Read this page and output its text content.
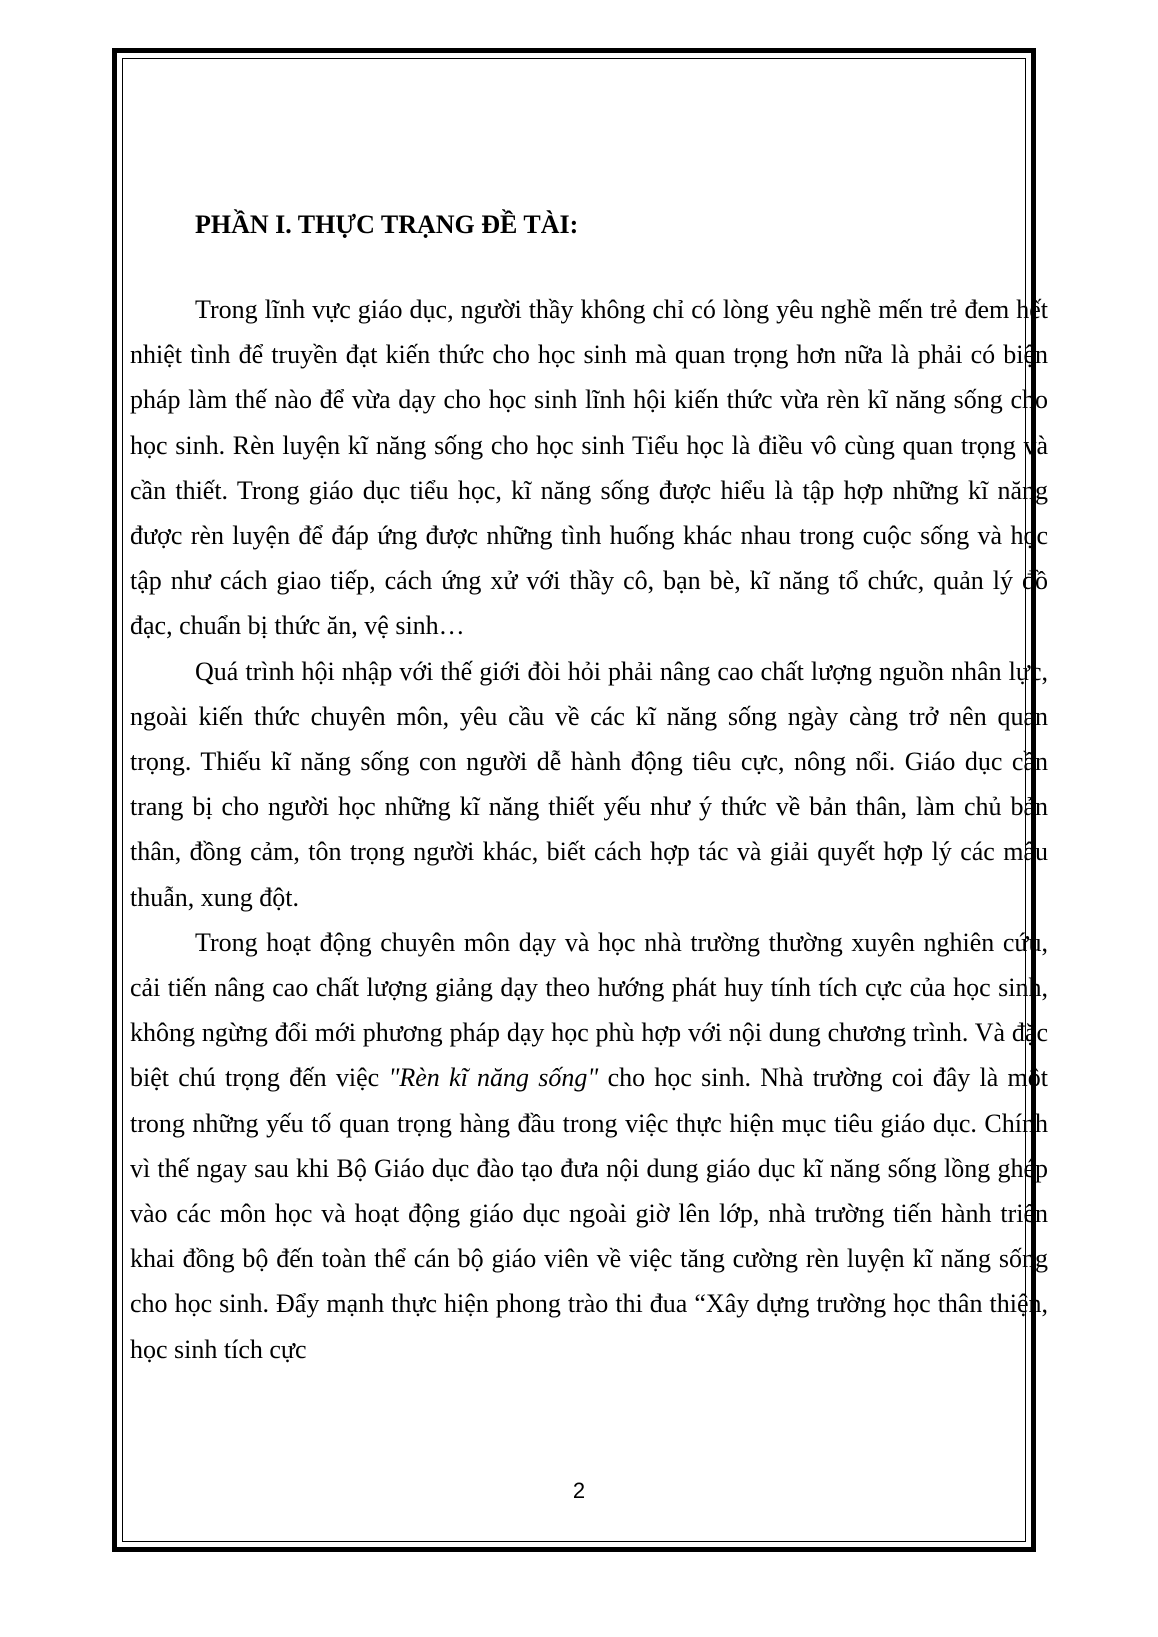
PHẦN I. THỰC TRẠNG ĐỀ TÀI:

Trong lĩnh vực giáo dục, người thầy không chỉ có lòng yêu nghề mến trẻ đem hết nhiệt tình để truyền đạt kiến thức cho học sinh mà quan trọng hơn nữa là phải có biện pháp làm thế nào để vừa dạy cho học sinh lĩnh hội kiến thức vừa rèn kĩ năng sống cho học sinh. Rèn luyện kĩ năng sống cho học sinh Tiểu học là điều vô cùng quan trọng và cần thiết. Trong giáo dục tiểu học, kĩ năng sống được hiểu là tập hợp những kĩ năng được rèn luyện để đáp ứng được những tình huống khác nhau trong cuộc sống và học tập như cách giao tiếp, cách ứng xử với thầy cô, bạn bè, kĩ năng tổ chức, quản lý đồ đạc, chuẩn bị thức ăn, vệ sinh…

Quá trình hội nhập với thế giới đòi hỏi phải nâng cao chất lượng nguồn nhân lực, ngoài kiến thức chuyên môn, yêu cầu về các kĩ năng sống ngày càng trở nên quan trọng. Thiếu kĩ năng sống con người dễ hành động tiêu cực, nông nổi. Giáo dục cần trang bị cho người học những kĩ năng thiết yếu như ý thức về bản thân, làm chủ bản thân, đồng cảm, tôn trọng người khác, biết cách hợp tác và giải quyết hợp lý các mâu thuẫn, xung đột.

Trong hoạt động chuyên môn dạy và học nhà trường thường xuyên nghiên cứu, cải tiến nâng cao chất lượng giảng dạy theo hướng phát huy tính tích cực của học sinh, không ngừng đổi mới phương pháp dạy học phù hợp với nội dung chương trình. Và đặc biệt chú trọng đến việc "Rèn kĩ năng sống" cho học sinh. Nhà trường coi đây là một trong những yếu tố quan trọng hàng đầu trong việc thực hiện mục tiêu giáo dục. Chính vì thế ngay sau khi Bộ Giáo dục đào tạo đưa nội dung giáo dục kĩ năng sống lồng ghép vào các môn học và hoạt động giáo dục ngoài giờ lên lớp, nhà trường tiến hành triển khai đồng bộ đến toàn thể cán bộ giáo viên về việc tăng cường rèn luyện kĩ năng sống cho học sinh. Đẩy mạnh thực hiện phong trào thi đua “Xây dựng trường học thân thiện, học sinh tích cực

2
